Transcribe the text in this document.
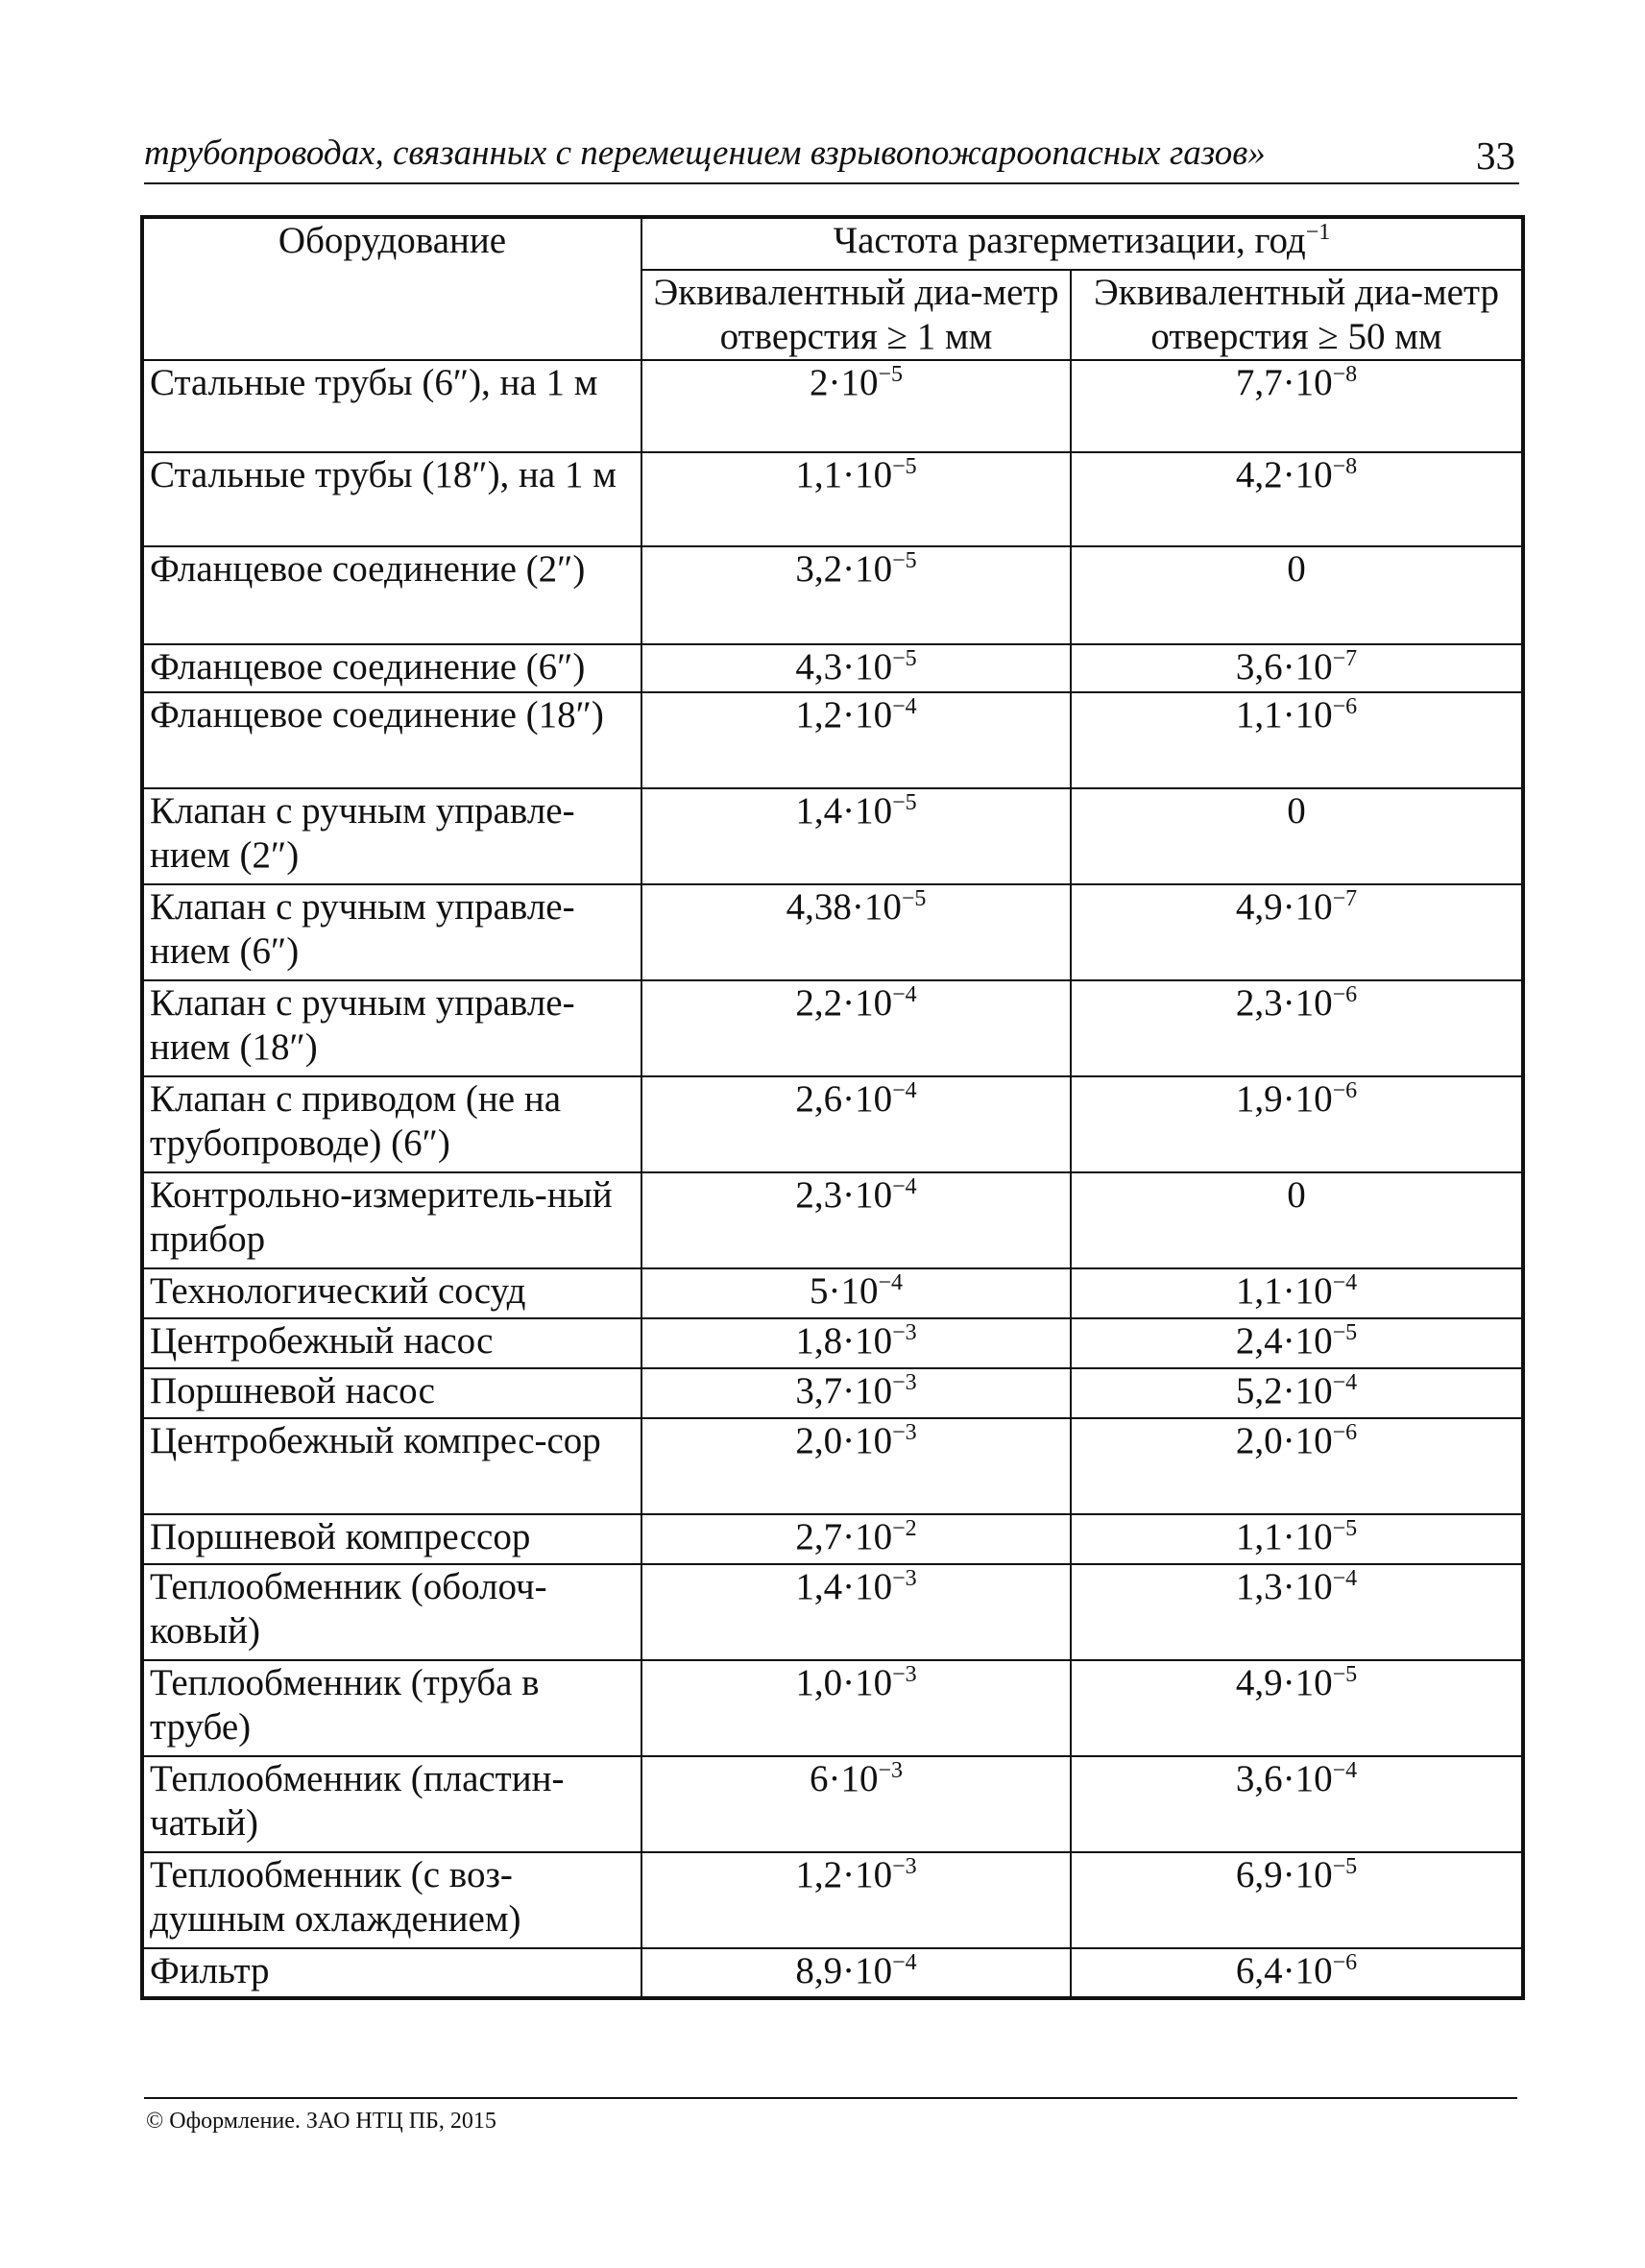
трубопроводах, связанных с перемещением взрывопожароопасных газов»	33
Оборудование	Частота разгерметизации, год$^{-1}$
	Эквивалентный диа-метр отверстия ≥ 1 мм	Эквивалентный диа-метр отверстия ≥ 50 мм
Стальные трубы (6″), на 1 м	$2\cdot 10^{-5}$	$7,7\cdot 10^{-8}$
Стальные трубы (18″), на 1 м	$1,1\cdot 10^{-5}$	$4,2\cdot 10^{-8}$
Фланцевое соединение (2″)	$3,2\cdot 10^{-5}$	0
Фланцевое соединение (6″)	$4,3\cdot 10^{-5}$	$3,6\cdot 10^{-7}$
Фланцевое соединение (18″)	$1,2\cdot 10^{-4}$	$1,1\cdot 10^{-6}$
Клапан с ручным управле-нием (2″)	$1,4\cdot 10^{-5}$	0
Клапан с ручным управле-нием (6″)	$4,38\cdot 10^{-5}$	$4,9\cdot 10^{-7}$
Клапан с ручным управле-нием (18″)	$2,2\cdot 10^{-4}$	$2,3\cdot 10^{-6}$
Клапан с приводом (не на трубопроводе) (6″)	$2,6\cdot 10^{-4}$	$1,9\cdot 10^{-6}$
Контрольно-измеритель-ный прибор	$2,3\cdot 10^{-4}$	0
Технологический сосуд	$5\cdot 10^{-4}$	$1,1\cdot 10^{-4}$
Центробежный насос	$1,8\cdot 10^{-3}$	$2,4\cdot 10^{-5}$
Поршневой насос	$3,7\cdot 10^{-3}$	$5,2\cdot 10^{-4}$
Центробежный компрес-сор	$2,0\cdot 10^{-3}$	$2,0\cdot 10^{-6}$
Поршневой компрессор	$2,7\cdot 10^{-2}$	$1,1\cdot 10^{-5}$
Теплообменник (оболоч-ковый)	$1,4\cdot 10^{-3}$	$1,3\cdot 10^{-4}$
Теплообменник (труба в трубе)	$1,0\cdot 10^{-3}$	$4,9\cdot 10^{-5}$
Теплообменник (пластин-чатый)	$6\cdot 10^{-3}$	$3,6\cdot 10^{-4}$
Теплообменник (с воз-душным охлаждением)	$1,2\cdot 10^{-3}$	$6,9\cdot 10^{-5}$
Фильтр	$8,9\cdot 10^{-4}$	$6,4\cdot 10^{-6}$
© Оформление. ЗАО НТЦ ПБ, 2015
